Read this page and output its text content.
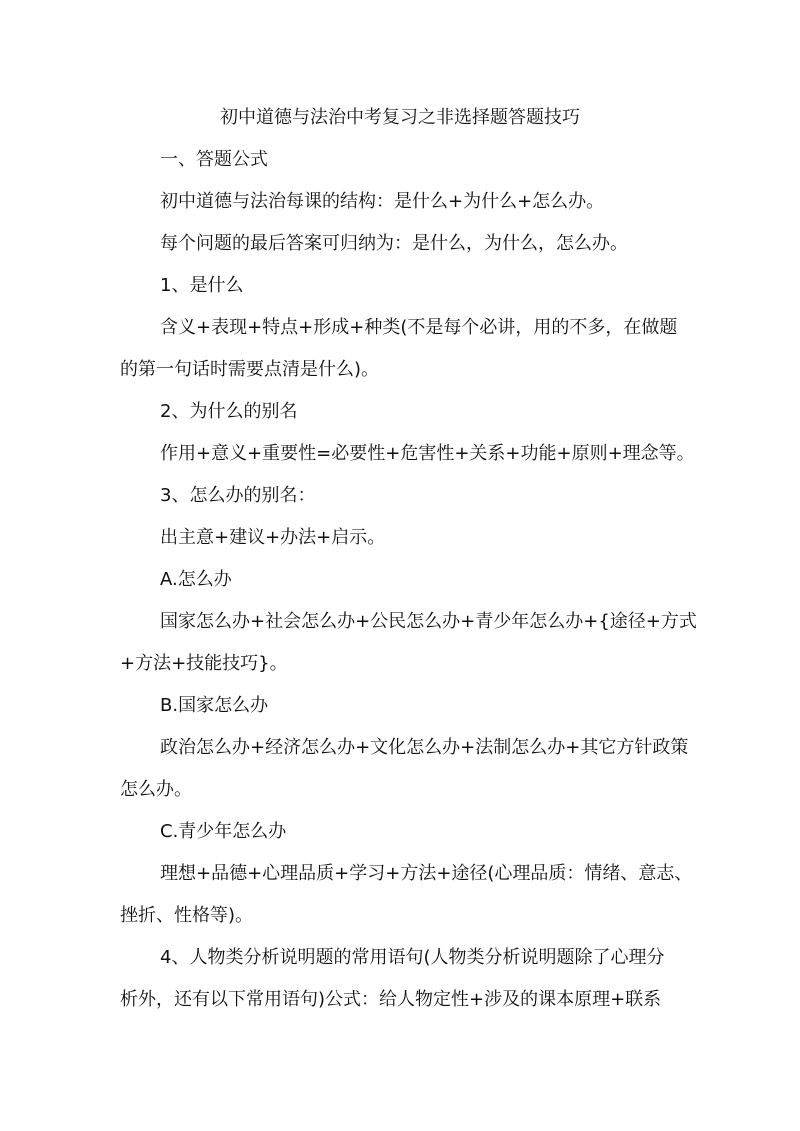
初中道德与法治中考复习之非选择题答题技巧
一、答题公式
初中道德与法治每课的结构：是什么+为什么+怎么办。
每个问题的最后答案可归纳为：是什么，为什么，怎么办。
1、是什么
含义+表现+特点+形成+种类(不是每个必讲，用的不多，在做题
的第一句话时需要点清是什么)。
2、为什么的别名
作用+意义+重要性=必要性+危害性+关系+功能+原则+理念等。
3、怎么办的别名：
出主意+建议+办法+启示。
A.怎么办
国家怎么办+社会怎么办+公民怎么办+青少年怎么办+{途径+方式
+方法+技能技巧}。
B.国家怎么办
政治怎么办+经济怎么办+文化怎么办+法制怎么办+其它方针政策
怎么办。
C.青少年怎么办
理想+品德+心理品质+学习+方法+途径(心理品质：情绪、意志、
挫折、性格等)。
4、人物类分析说明题的常用语句(人物类分析说明题除了心理分
析外，还有以下常用语句)公式：给人物定性+涉及的课本原理+联系
